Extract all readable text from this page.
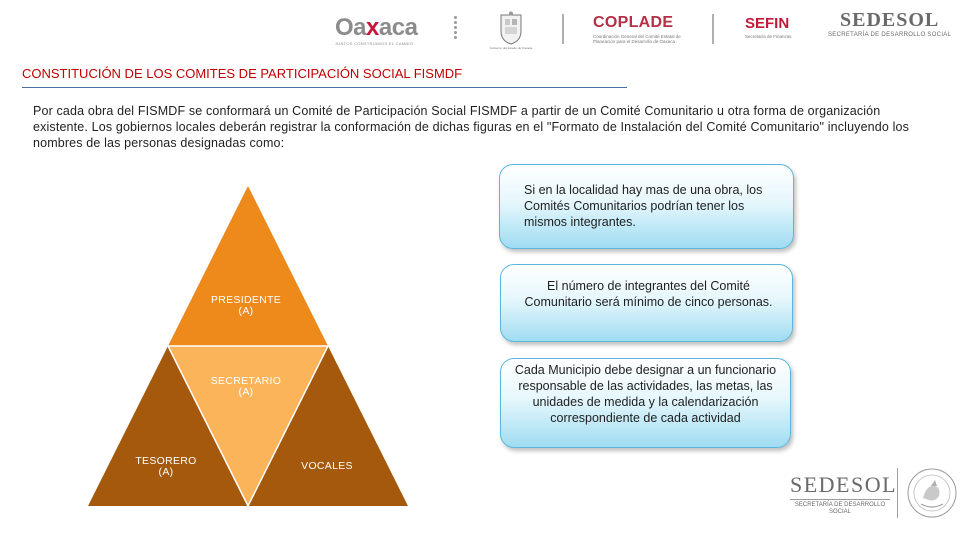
Oaxaca
JUNTOS CONSTRUIMOS EL CAMBIO
Gobierno del Estado de Oaxaca
COPLADE
Coordinación General del Comité Estatal de Planeación para el Desarrollo de Oaxaca
SEFIN
Secretaría de Finanzas
SEDESOL
SECRETARÍA DE DESARROLLO SOCIAL
CONSTITUCIÓN DE LOS COMITES DE PARTICIPACIÓN SOCIAL FISMDF
Por cada obra del FISMDF se conformará un Comité de Participación Social FISMDF a partir de un Comité Comunitario u otra forma de organización existente. Los gobiernos locales deberán registrar la conformación de dichas figuras en el "Formato de Instalación del Comité Comunitario" incluyendo los nombres de las personas designadas como:
PRESIDENTE
(A)
SECRETARIO
(A)
TESORERO
(A)	VOCALES
Si en la localidad hay mas de una obra, los Comités Comunitarios podrían tener los mismos integrantes.
El número de integrantes del Comité Comunitario será mínimo de cinco personas.
Cada Municipio debe designar a un funcionario responsable de las actividades, las metas, las unidades de medida y la calendarización correspondiente de cada actividad
SEDESOL
SECRETARÍA DE DESARROLLO SOCIAL
